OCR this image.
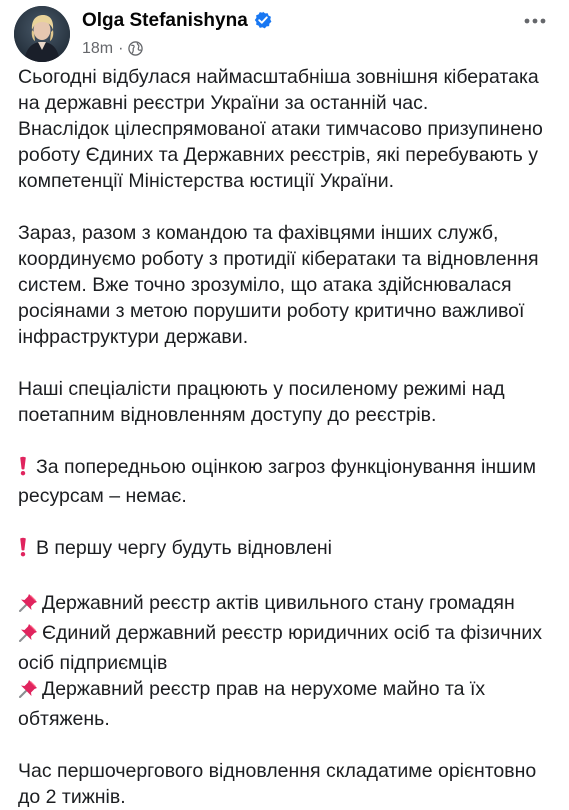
Olga Stefanishyna
18m ·

Сьогодні відбулася наймасштабніша зовнішня кібератака на державні реєстри України за останній час.
Внаслідок цілеспрямованої атаки тимчасово призупинено роботу Єдиних та Державних реєстрів, які перебувають у компетенції Міністерства юстиції України.

Зараз, разом з командою та фахівцями інших служб, координуємо роботу з протидії кібератаки та відновлення систем. Вже точно зрозуміло, що атака здійснювалася росіянами з метою порушити роботу критично важливої інфраструктури держави.

Наші спеціалісти працюють у посиленому режимі над поетапним відновленням доступу до реєстрів.

За попередньою оцінкою загроз функціонування іншим ресурсам – немає.

В першу чергу будуть відновлені

Державний реєстр актів цивильного стану громадян
Єдиний державний реєстр юридичних осіб та фізичних осіб підприємців
Державний реєстр прав на нерухоме майно та їх обтяжень.

Час першочергового відновлення складатиме орієнтовно до 2 тижнів.
